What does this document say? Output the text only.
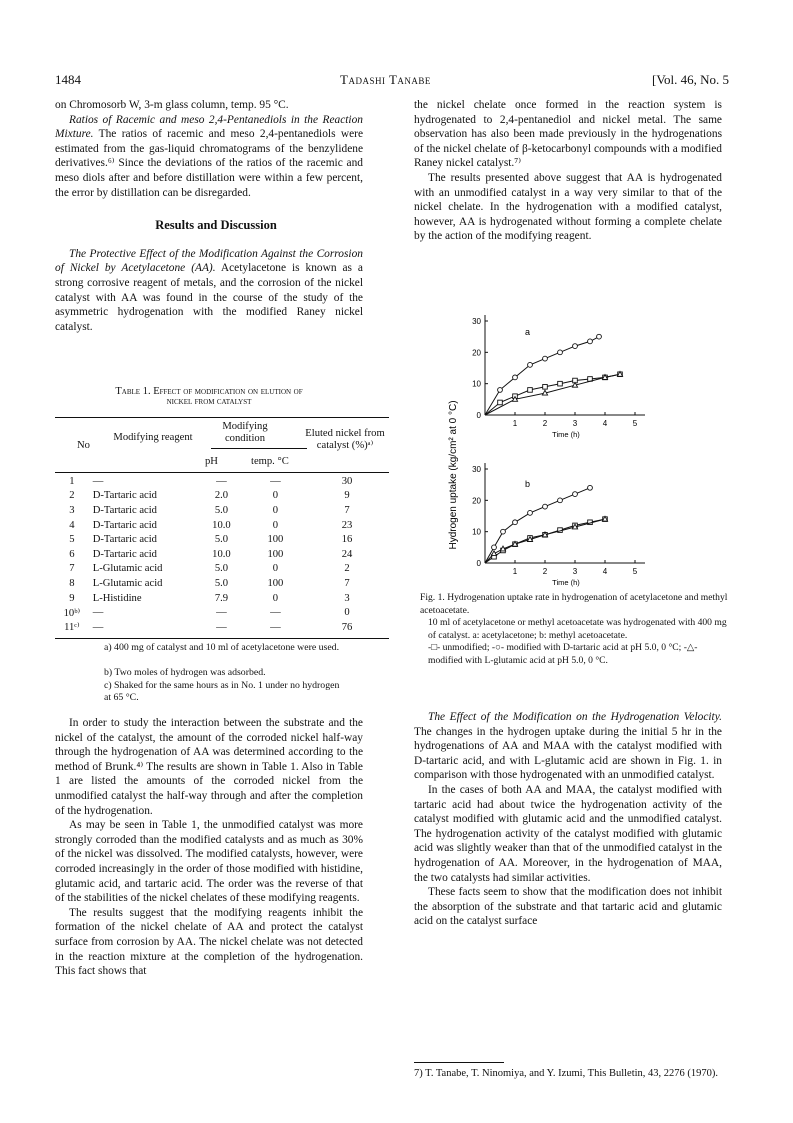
1484	Tadashi Tanabe	[Vol. 46, No. 5

on Chromosorb W, 3-m glass column, temp. 95 °C.

Ratios of Racemic and meso 2,4-Pentanediols in the Reaction Mixture. The ratios of racemic and meso 2,4-pentanediols were estimated from the gas-liquid chromatograms of the benzylidene derivatives.⁶⁾ Since the deviations of the ratios of the racemic and meso diols after and before distillation were within a few percent, the error by distillation can be disregarded.

Results and Discussion

The Protective Effect of the Modification Against the Corrosion of Nickel by Acetylacetone (AA). Acetylacetone is known as a strong corrosive reagent of metals, and the corrosion of the nickel catalyst with AA was found in the course of the study of the asymmetric hydrogenation with the modified Raney nickel catalyst.

Table 1. Effect of modification on elution of
nickel from catalyst
No
Modifying reagent
Modifying condition
pH	temp. °C
Eluted nickel from catalyst (%)ᵃ⁾
1	—	—	—	30
2	D-Tartaric acid	2.0	0	9
3	D-Tartaric acid	5.0	0	7
4	D-Tartaric acid	10.0	0	23
5	D-Tartaric acid	5.0	100	16
6	D-Tartaric acid	10.0	100	24
7	L-Glutamic acid	5.0	0	2
8	L-Glutamic acid	5.0	100	7
9	L-Histidine	7.9	0	3
10ᵇ⁾	—	—	—	0
11ᶜ⁾	—	—	—	76
a) 400 mg of catalyst and 10 ml of acetylacetone were used.
b) Two moles of hydrogen was adsorbed.
c) Shaked for the same hours as in No. 1 under no hydrogen at 65 °C.

In order to study the interaction between the substrate and the nickel of the catalyst, the amount of the corroded nickel half-way through the hydrogenation of AA was determined according to the method of Brunk.⁴⁾ The results are shown in Table 1. Also in Table 1 are listed the amounts of the corroded nickel from the unmodified catalyst the half-way through and after the completion of the hydrogenation.

As may be seen in Table 1, the unmodified catalyst was more strongly corroded than the modified catalysts and as much as 30% of the nickel was dissolved. The modified catalysts, however, were corroded increasingly in the order of those modified with histidine, glutamic acid, and tartaric acid. The order was the reverse of that of the stabilities of the nickel chelates of these modifying reagents.

The results suggest that the modifying reagents inhibit the formation of the nickel chelate of AA and protect the catalyst surface from corrosion by AA. The nickel chelate was not detected in the reaction mixture at the completion of the hydrogenation. This fact shows that

the nickel chelate once formed in the reaction system is hydrogenated to 2,4-pentanediol and nickel metal. The same observation has also been made previously in the hydrogenations of the nickel chelate of β-ketocarbonyl compounds with a modified Raney nickel catalyst.⁷⁾

The results presented above suggest that AA is hydrogenated with an unmodified catalyst in a way very similar to that of the nickel chelate. In the hydrogenation with a modified catalyst, however, AA is hydrogenated without forming a complete chelate by the action of the modifying reagent.

0
10
20
30
1	2	3	4	5
Time (h)
a
0
10
20
30
1	2	3	4	5
Time (h)
b
Hydrogen uptake (kg/cm² at 0 °C)
Fig. 1. Hydrogenation uptake rate in hydrogenation of acetylacetone and methyl acetoacetate.
10 ml of acetylacetone or methyl acetoacetate was hydrogenated with 400 mg of catalyst. a: acetylacetone; b: methyl acetoacetate.
-□- unmodified; -○- modified with D-tartaric acid at pH 5.0, 0 °C; -△- modified with L-glutamic acid at pH 5.0, 0 °C.

The Effect of the Modification on the Hydrogenation Velocity. The changes in the hydrogen uptake during the initial 5 hr in the hydrogenations of AA and MAA with the catalyst modified with D-tartaric acid, and with L-glutamic acid are shown in Fig. 1. in comparison with those hydrogenated with an unmodified catalyst.

In the cases of both AA and MAA, the catalyst modified with tartaric acid had about twice the hydrogenation activity of the catalyst modified with glutamic acid and the unmodified catalyst. The hydrogenation activity of the catalyst modified with glutamic acid was slightly weaker than that of the unmodified catalyst in the hydrogenation of AA. Moreover, in the hydrogenation of MAA, the two catalysts had similar activities.

These facts seem to show that the modification does not inhibit the absorption of the substrate and that tartaric acid and glutamic acid on the catalyst surface

7) T. Tanabe, T. Ninomiya, and Y. Izumi, This Bulletin, 43, 2276 (1970).
